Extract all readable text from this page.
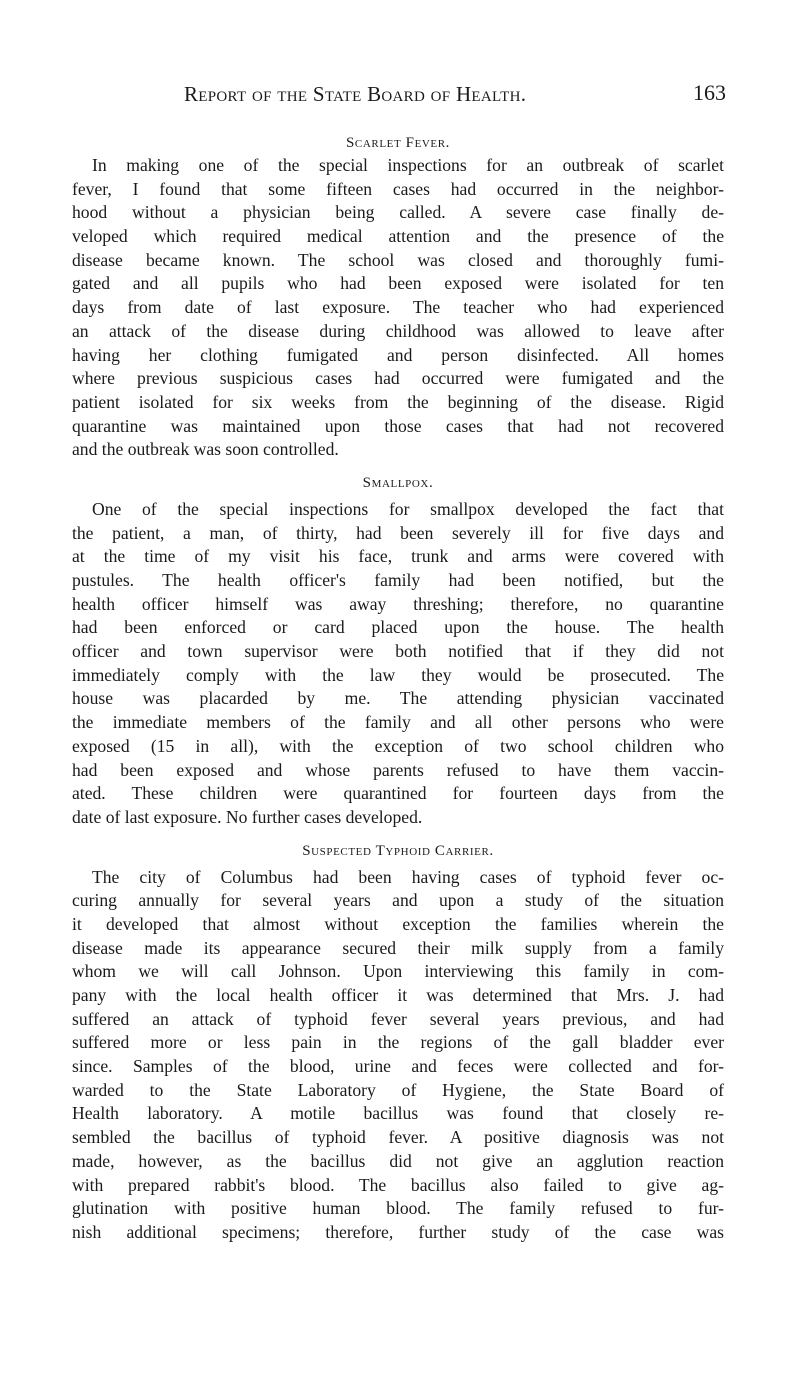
Report of the State Board of Health.	163
Scarlet Fever.
In making one of the special inspections for an outbreak of scarlet
fever, I found that some fifteen cases had occurred in the neighbor-
hood without a physician being called. A severe case finally de-
veloped which required medical attention and the presence of the
disease became known. The school was closed and thoroughly fumi-
gated and all pupils who had been exposed were isolated for ten
days from date of last exposure. The teacher who had experienced
an attack of the disease during childhood was allowed to leave after
having her clothing fumigated and person disinfected. All homes
where previous suspicious cases had occurred were fumigated and the
patient isolated for six weeks from the beginning of the disease. Rigid
quarantine was maintained upon those cases that had not recovered
and the outbreak was soon controlled.
Smallpox.
One of the special inspections for smallpox developed the fact that
the patient, a man, of thirty, had been severely ill for five days and
at the time of my visit his face, trunk and arms were covered with
pustules. The health officer's family had been notified, but the
health officer himself was away threshing; therefore, no quarantine
had been enforced or card placed upon the house. The health
officer and town supervisor were both notified that if they did not
immediately comply with the law they would be prosecuted. The
house was placarded by me. The attending physician vaccinated
the immediate members of the family and all other persons who were
exposed (15 in all), with the exception of two school children who
had been exposed and whose parents refused to have them vaccin-
ated. These children were quarantined for fourteen days from the
date of last exposure. No further cases developed.
Suspected Typhoid Carrier.
The city of Columbus had been having cases of typhoid fever oc-
curing annually for several years and upon a study of the situation
it developed that almost without exception the families wherein the
disease made its appearance secured their milk supply from a family
whom we will call Johnson. Upon interviewing this family in com-
pany with the local health officer it was determined that Mrs. J. had
suffered an attack of typhoid fever several years previous, and had
suffered more or less pain in the regions of the gall bladder ever
since. Samples of the blood, urine and feces were collected and for-
warded to the State Laboratory of Hygiene, the State Board of
Health laboratory. A motile bacillus was found that closely re-
sembled the bacillus of typhoid fever. A positive diagnosis was not
made, however, as the bacillus did not give an agglution reaction
with prepared rabbit's blood. The bacillus also failed to give ag-
glutination with positive human blood. The family refused to fur-
nish additional specimens; therefore, further study of the case was
